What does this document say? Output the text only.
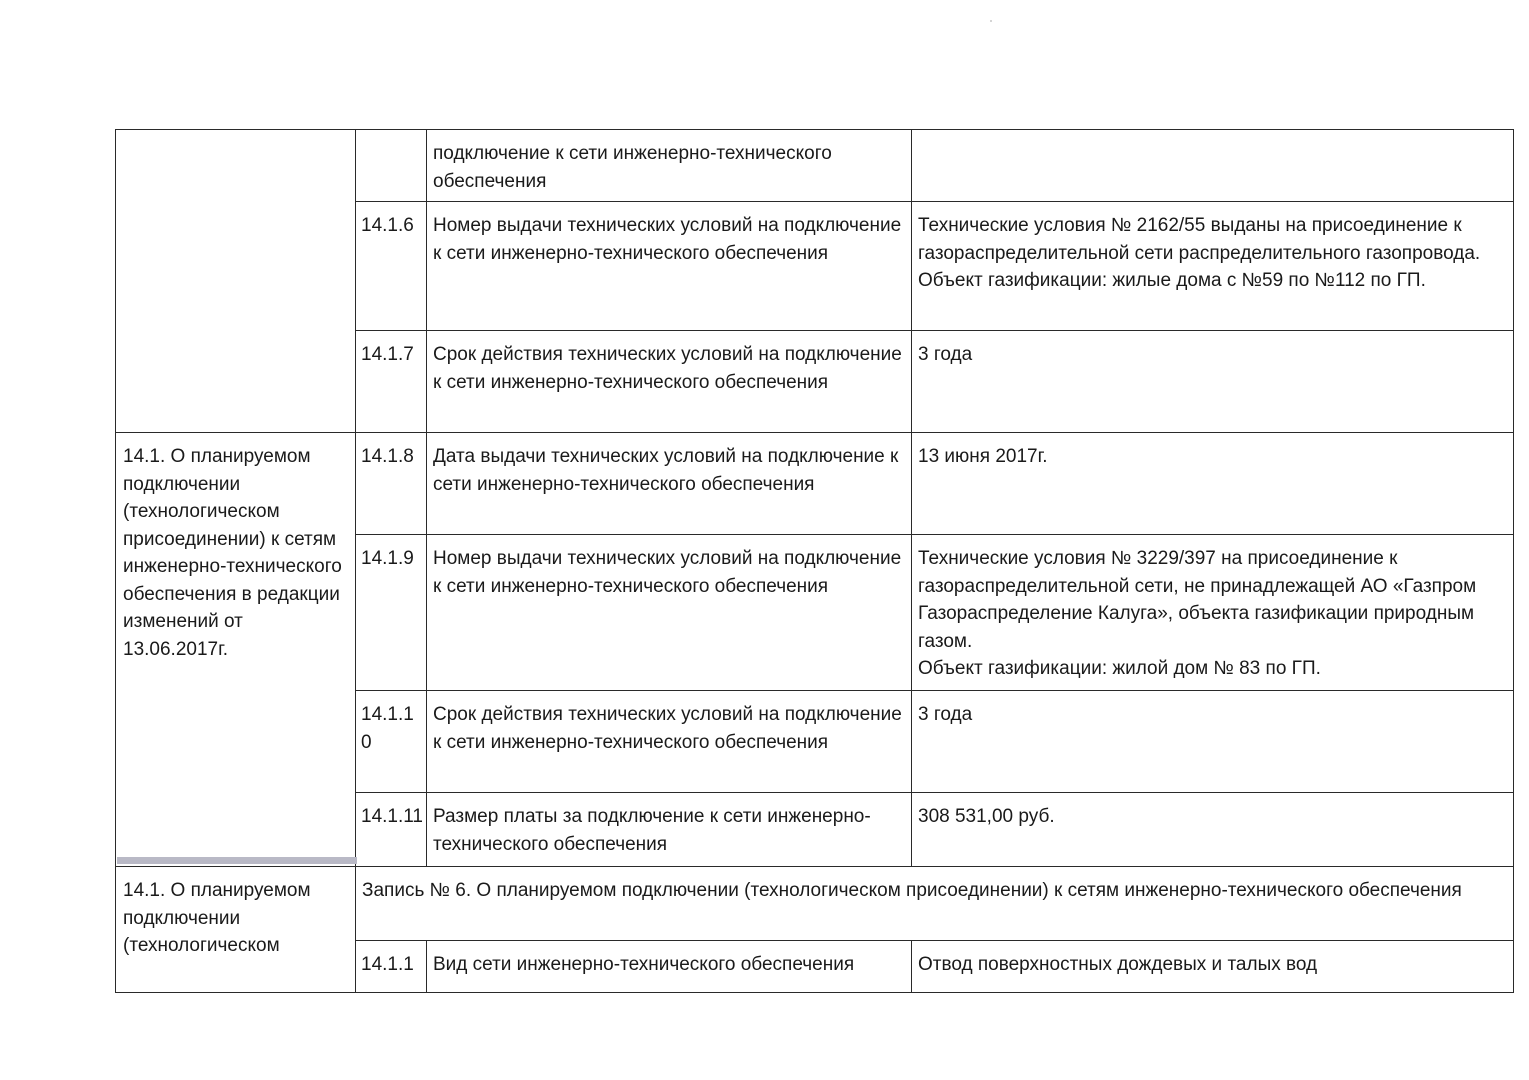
		подключение к сети инженерно-технического обеспечения	
	14.1.6	Номер выдачи технических условий на подключение к сети инженерно-технического обеспечения	Технические условия № 2162/55 выданы на присоединение к газораспределительной сети распределительного газопровода.
Объект газификации: жилые дома с №59 по №112 по ГП.
	14.1.7	Срок действия технических условий на подключение к сети инженерно-технического обеспечения	3 года
14.1. О планируемом подключении (технологическом присоединении) к сетям инженерно-технического обеспечения в редакции изменений от 13.06.2017г.	14.1.8	Дата выдачи технических условий на подключение к сети инженерно-технического обеспечения	13 июня 2017г.
	14.1.9	Номер выдачи технических условий на подключение к сети инженерно-технического обеспечения	Технические условия № 3229/397 на присоединение к газораспределительной сети, не принадлежащей АО «Газпром Газораспределение Калуга», объекта газификации природным газом.
Объект газификации: жилой дом № 83 по ГП.
	14.1.10	Срок действия технических условий на подключение к сети инженерно-технического обеспечения	3 года
	14.1.11	Размер платы за подключение к сети инженерно-технического обеспечения	308 531,00 руб.
14.1. О планируемом подключении (технологическом	Запись № 6. О планируемом подключении (технологическом присоединении) к сетям инженерно-технического обеспечения		
	14.1.1	Вид сети инженерно-технического обеспечения	Отвод поверхностных дождевых и талых вод
